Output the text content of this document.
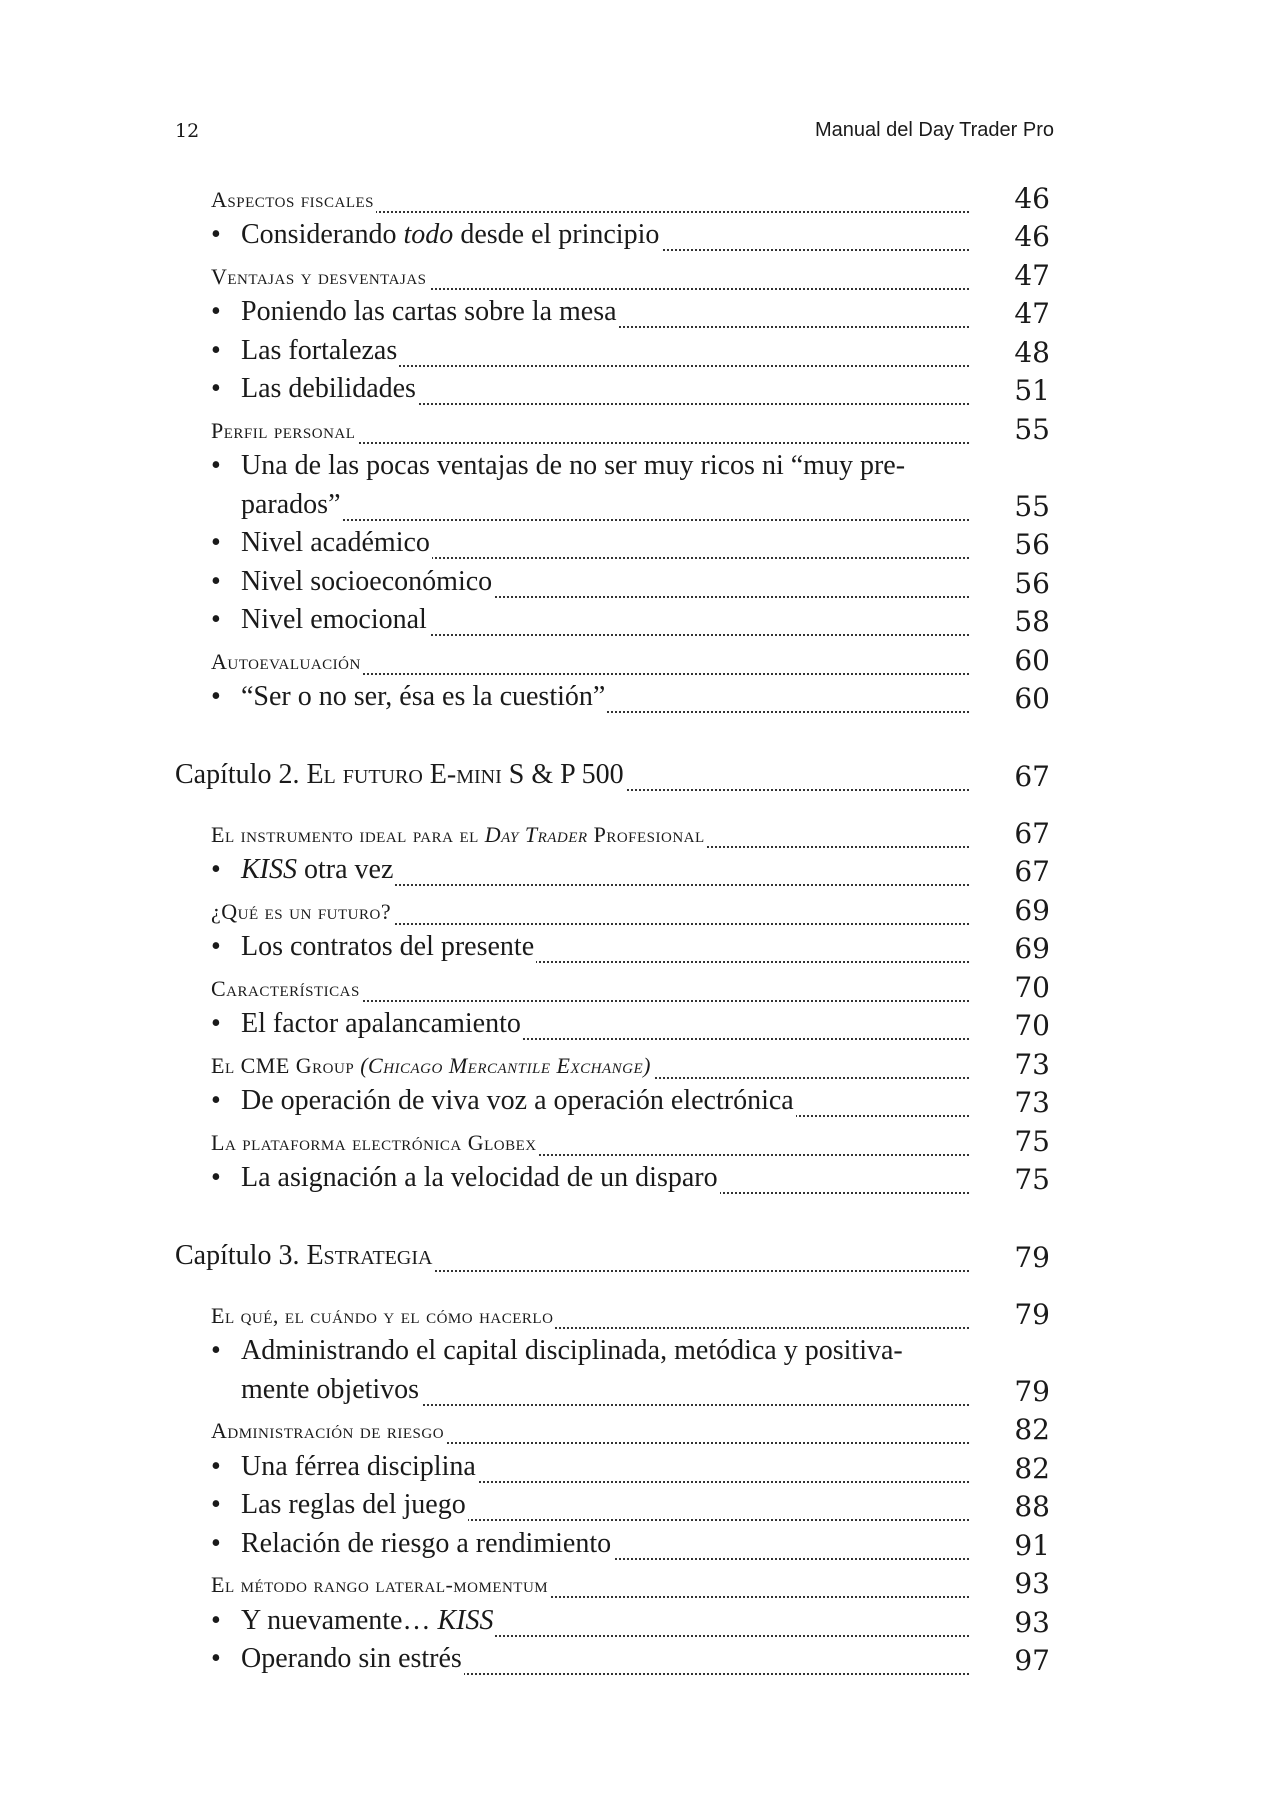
12	Manual del Day Trader Pro
Aspectos fiscales	46
• Considerando todo desde el principio	46
Ventajas y desventajas	47
• Poniendo las cartas sobre la mesa	47
• Las fortalezas	48
• Las debilidades	51
Perfil personal	55
• Una de las pocas ventajas de no ser muy ricos ni “muy pre-
parados”	55
• Nivel académico	56
• Nivel socioeconómico	56
• Nivel emocional	58
Autoevaluación	60
• “Ser o no ser, ésa es la cuestión”	60
Capítulo 2. El futuro E-mini S & P 500	67
El instrumento ideal para el Day Trader Profesional	67
• KISS otra vez	67
¿Qué es un futuro?	69
• Los contratos del presente	69
Características	70
• El factor apalancamiento	70
El CME Group (Chicago Mercantile Exchange)	73
• De operación de viva voz a operación electrónica	73
La plataforma electrónica Globex	75
• La asignación a la velocidad de un disparo	75
Capítulo 3. Estrategia	79
El qué, el cuándo y el cómo hacerlo	79
• Administrando el capital disciplinada, metódica y positiva-
mente objetivos	79
Administración de riesgo	82
• Una férrea disciplina	82
• Las reglas del juego	88
• Relación de riesgo a rendimiento	91
El método rango lateral-momentum	93
• Y nuevamente… KISS	93
• Operando sin estrés	97
